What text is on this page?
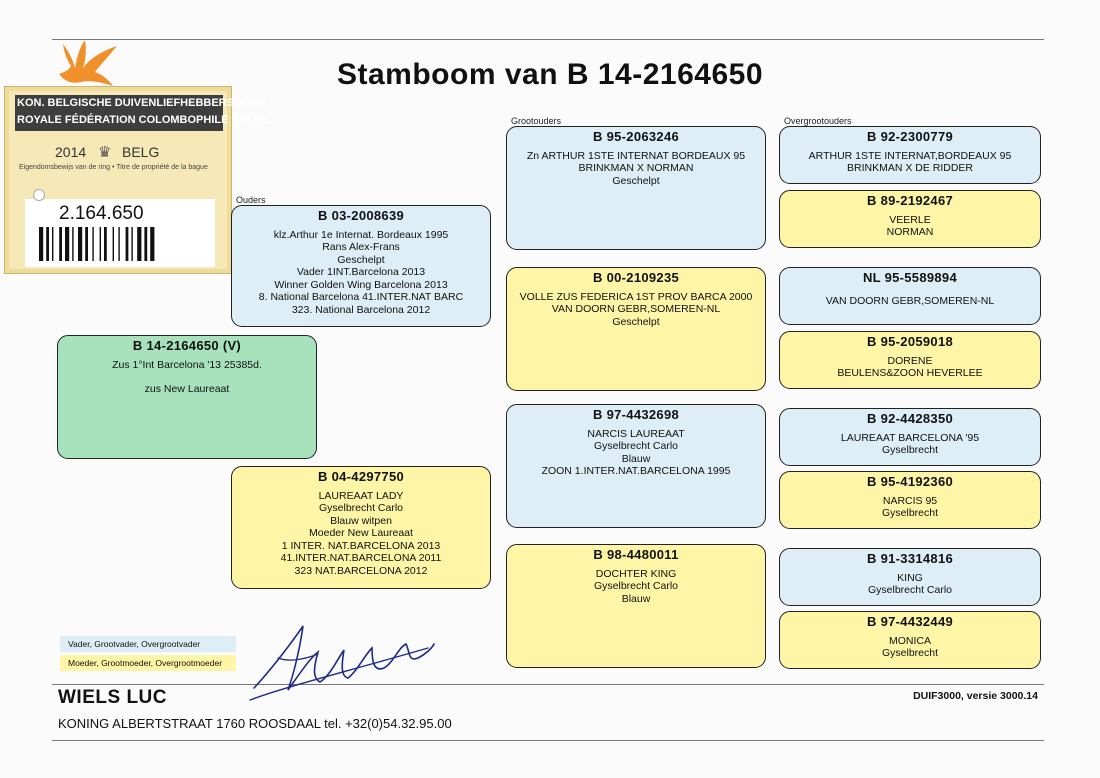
Stamboom van B 14-2164650
KON. BELGISCHE DUIVENLIEFHEBBERSBOND
ROYALE FÉDÉRATION COLOMBOPHILE BELGE
2014 ♛ BELG
Eigendomsbewijs van de ring • Titre de propriété de la bague
2.164.650
Ouders
Grootouders	Overgrootouders
B 14-2164650 (V)
Zus 1°Int Barcelona '13 25385d.
zus New Laureaat
B 03-2008639
klz.Arthur 1e Internat. Bordeaux 1995
Rans Alex-Frans
Geschelpt
Vader 1INT.Barcelona 2013
Winner Golden Wing Barcelona 2013
8. National Barcelona 41.INTER.NAT BARC
323. National Barcelona 2012
B 04-4297750
LAUREAAT LADY
Gyselbrecht Carlo
Blauw witpen
Moeder New Laureaat
1 INTER. NAT.BARCELONA 2013
41.INTER.NAT.BARCELONA 2011
323 NAT.BARCELONA 2012
B 95-2063246
Zn ARTHUR 1STE INTERNAT BORDEAUX 95
BRINKMAN X NORMAN
Geschelpt
B 00-2109235
VOLLE ZUS FEDERICA 1ST PROV BARCA 2000
VAN DOORN GEBR,SOMEREN-NL
Geschelpt
B 97-4432698
NARCIS LAUREAAT
Gyselbrecht Carlo
Blauw
ZOON 1.INTER.NAT.BARCELONA 1995
B 98-4480011
DOCHTER KING
Gyselbrecht Carlo
Blauw
B 92-2300779
ARTHUR 1STE INTERNAT,BORDEAUX 95
BRINKMAN X DE RIDDER
B 89-2192467
VEERLE
NORMAN
NL 95-5589894
VAN DOORN GEBR,SOMEREN-NL
B 95-2059018
DORENE
BEULENS&ZOON HEVERLEE
B 92-4428350
LAUREAAT BARCELONA '95
Gyselbrecht
B 95-4192360
NARCIS 95
Gyselbrecht
B 91-3314816
KING
Gyselbrecht Carlo
B 97-4432449
MONICA
Gyselbrecht
Vader, Grootvader, Overgrootvader
Moeder, Grootmoeder, Overgrootmoeder
WIELS LUC
KONING ALBERTSTRAAT 1760 ROOSDAAL tel. +32(0)54.32.95.00
DUIF3000, versie 3000.14
